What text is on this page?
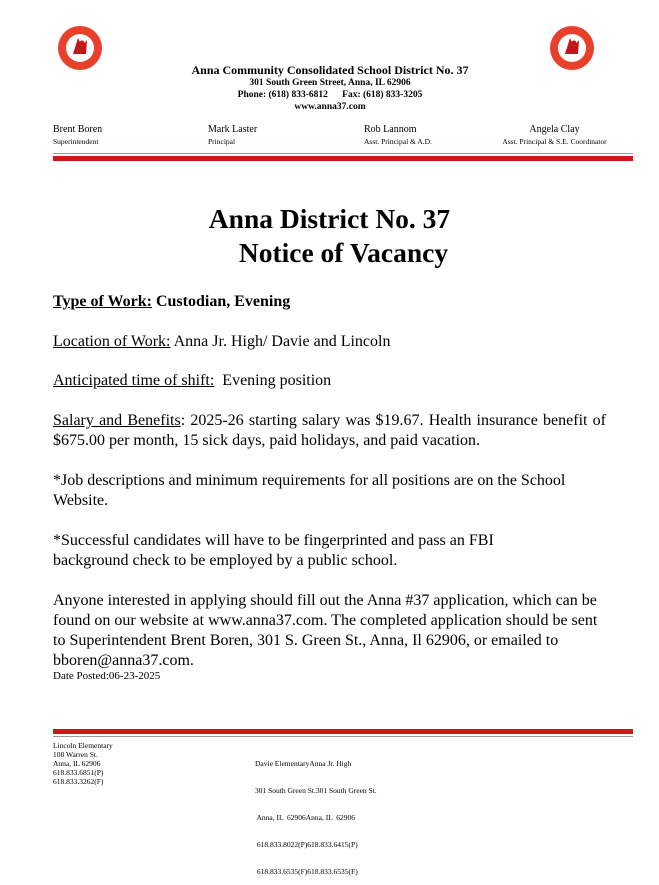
Anna Community Consolidated School District No. 37
301 South Green Street, Anna, IL 62906
Phone: (618) 833-6812 Fax: (618) 833-3205
www.anna37.com
Brent Boren
Superintendent
Mark Laster
Principal
Rob Lannom
Asst. Principal & A.D.
Angela Clay
Asst. Principal & S.E. Coordinator
Anna District No. 37
Notice of Vacancy
Type of Work: Custodian, Evening
Location of Work: Anna Jr. High/ Davie and Lincoln
Anticipated time of shift:  Evening position
Salary and Benefits: 2025-26 starting salary was $19.67. Health insurance benefit of $675.00 per month, 15 sick days, paid holidays, and paid vacation.
*Job descriptions and minimum requirements for all positions are on the School Website.
*Successful candidates will have to be fingerprinted and pass an FBI background check to be employed by a public school.
Anyone interested in applying should fill out the Anna #37 application, which can be found on our website at www.anna37.com. The completed application should be sent to Superintendent Brent Boren, 301 S. Green St., Anna, Il 62906, or emailed to bboren@anna37.com.
Date Posted:06-23-2025
Lincoln Elementary
108 Warren St.
Anna, IL 62906
618.833.6851(P)
618.833.3262(F)

Davie ElementaryAnna Jr. High

301 South Green St.301 South Green St.

Anna, IL  62906Anna, IL  62906

618.833.8022(P)618.833.6415(P)

618.833.6535(F)618.833.6535(F)
